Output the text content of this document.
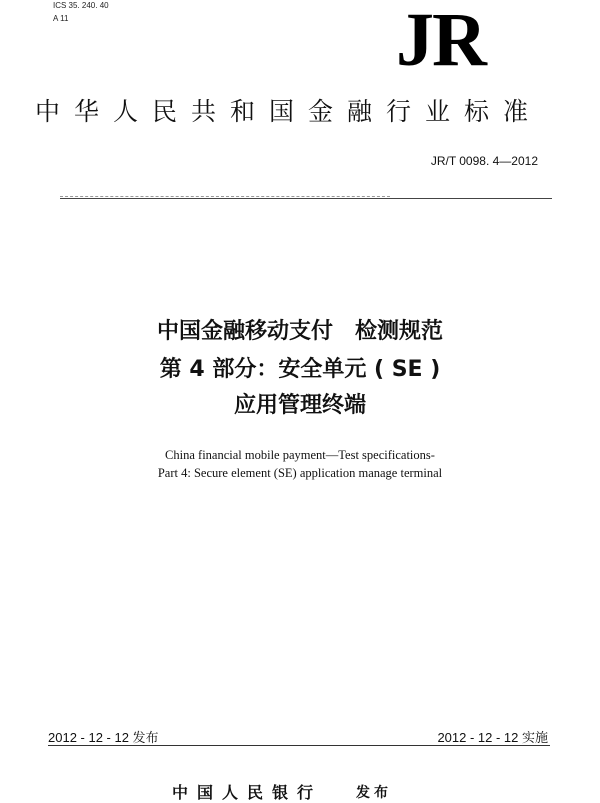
ICS 35. 240. 40
A 11	JR
中华人民共和国金融行业标准
JR/T 0098. 4—2012
中国金融移动支付　检测规范
第 4 部分：安全单元 ( SE )
应用管理终端
China financial mobile payment—Test specifications-
Part 4: Secure element (SE) application manage terminal
2012 - 12 - 12 发布	2012 - 12 - 12 实施
中国人民银行 发布
